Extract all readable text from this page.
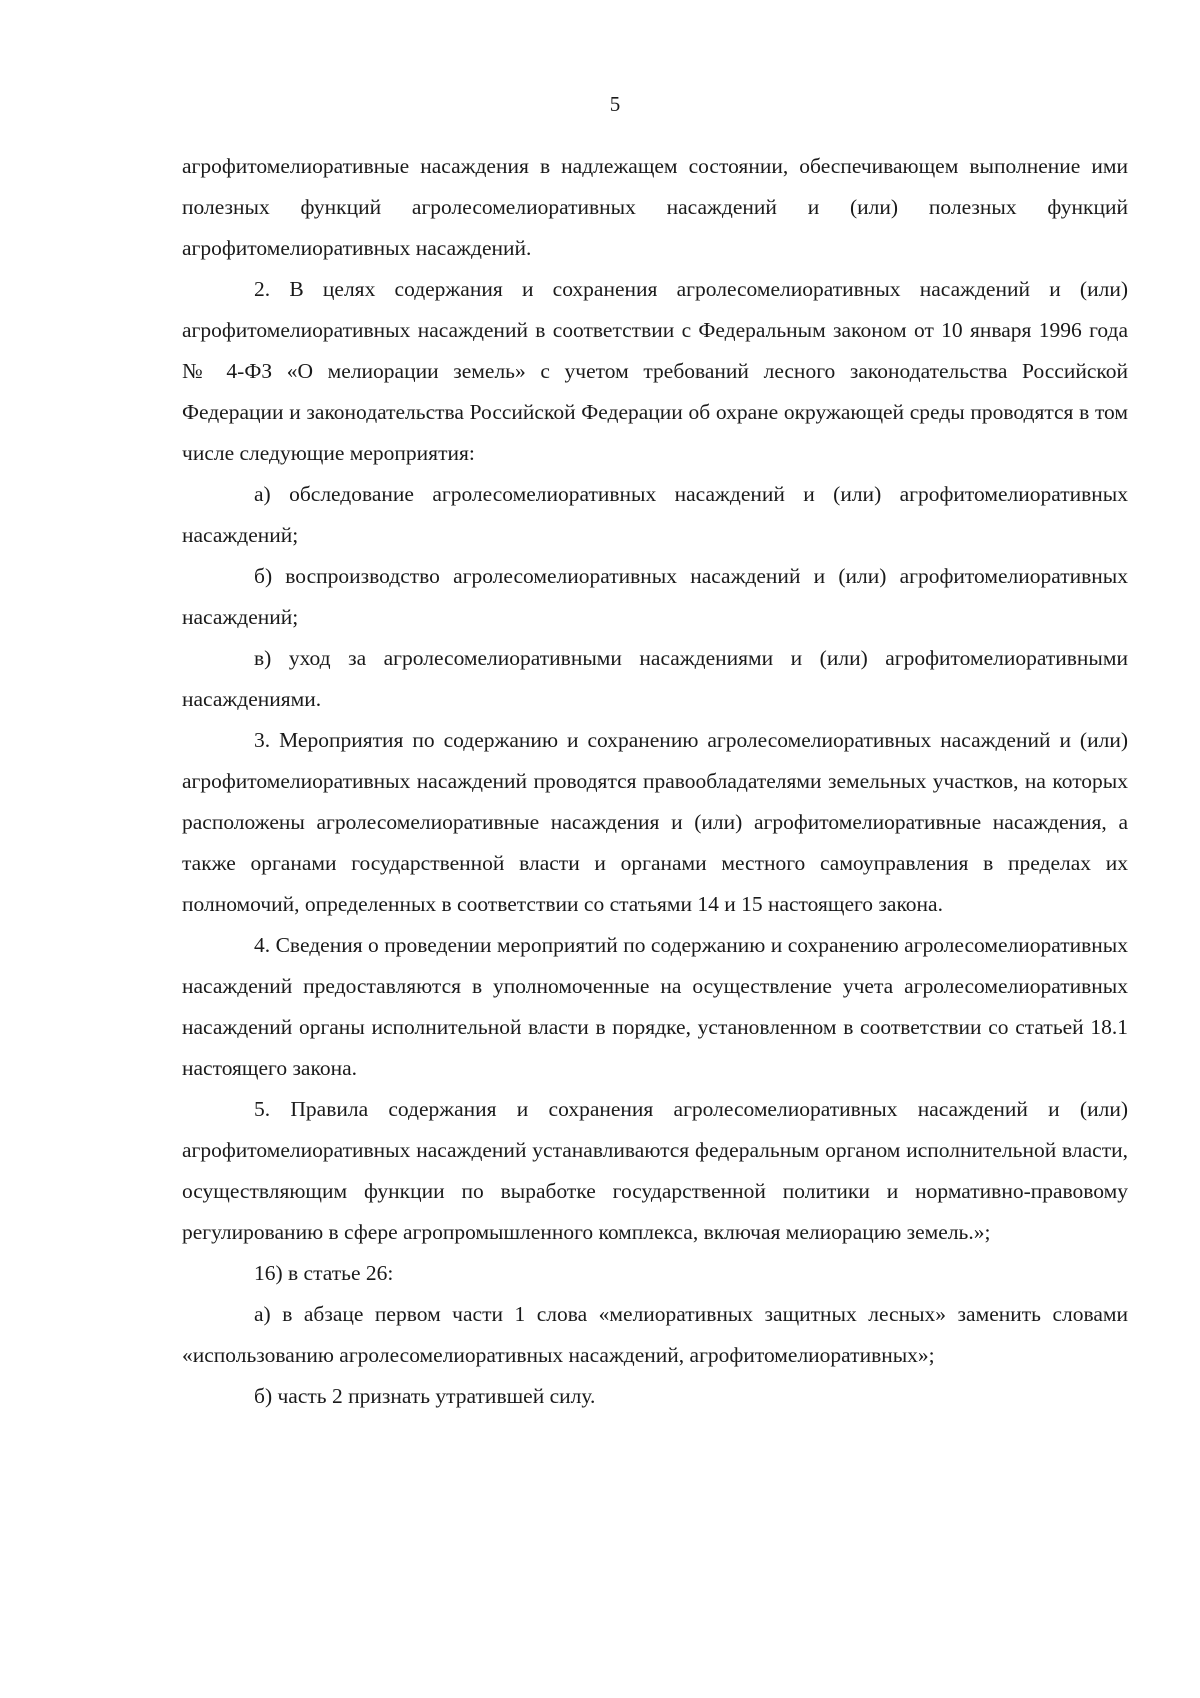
5

агрофитомелиоративные насаждения в надлежащем состоянии, обеспечивающем выполнение ими полезных функций агролесомелиоративных насаждений и (или) полезных функций агрофитомелиоративных насаждений.

2. В целях содержания и сохранения агролесомелиоративных насаждений и (или) агрофитомелиоративных насаждений в соответствии с Федеральным законом от 10 января 1996 года № 4-ФЗ «О мелиорации земель» с учетом требований лесного законодательства Российской Федерации и законодательства Российской Федерации об охране окружающей среды проводятся в том числе следующие мероприятия:

а) обследование агролесомелиоративных насаждений и (или) агрофитомелиоративных насаждений;

б) воспроизводство агролесомелиоративных насаждений и (или) агрофитомелиоративных насаждений;

в) уход за агролесомелиоративными насаждениями и (или) агрофитомелиоративными насаждениями.

3. Мероприятия по содержанию и сохранению агролесомелиоративных насаждений и (или) агрофитомелиоративных насаждений проводятся правообладателями земельных участков, на которых расположены агролесомелиоративные насаждения и (или) агрофитомелиоративные насаждения, а также органами государственной власти и органами местного самоуправления в пределах их полномочий, определенных в соответствии со статьями 14 и 15 настоящего закона.

4. Сведения о проведении мероприятий по содержанию и сохранению агролесомелиоративных насаждений предоставляются в уполномоченные на осуществление учета агролесомелиоративных насаждений органы исполнительной власти в порядке, установленном в соответствии со статьей 18.1 настоящего закона.

5. Правила содержания и сохранения агролесомелиоративных насаждений и (или) агрофитомелиоративных насаждений устанавливаются федеральным органом исполнительной власти, осуществляющим функции по выработке государственной политики и нормативно-правовому регулированию в сфере агропромышленного комплекса, включая мелиорацию земель.»;

16) в статье 26:

а) в абзаце первом части 1 слова «мелиоративных защитных лесных» заменить словами «использованию агролесомелиоративных насаждений, агрофитомелиоративных»;

б) часть 2 признать утратившей силу.
